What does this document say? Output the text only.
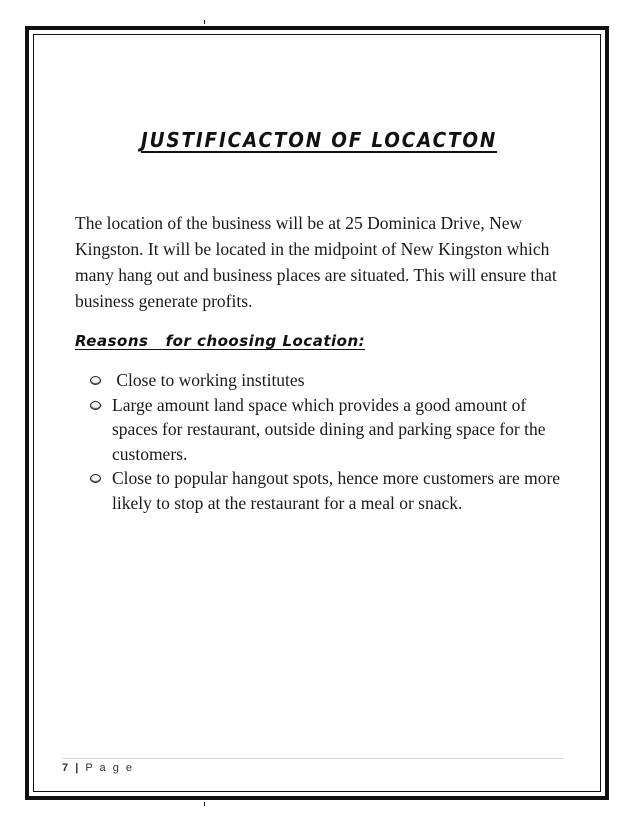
JUSTIFICACTON OF LOCACTON

The location of the business will be at 25 Dominica Drive, New Kingston. It will be located in the midpoint of New Kingston which many hang out and business places are situated. This will ensure that business generate profits.

Reasons   for choosing Location:
Close to working institutes
Large amount land space which provides a good amount of spaces for restaurant, outside dining and parking space for the customers.
Close to popular hangout spots, hence more customers are more likely to stop at the restaurant for a meal or snack.
7 | P a g e
